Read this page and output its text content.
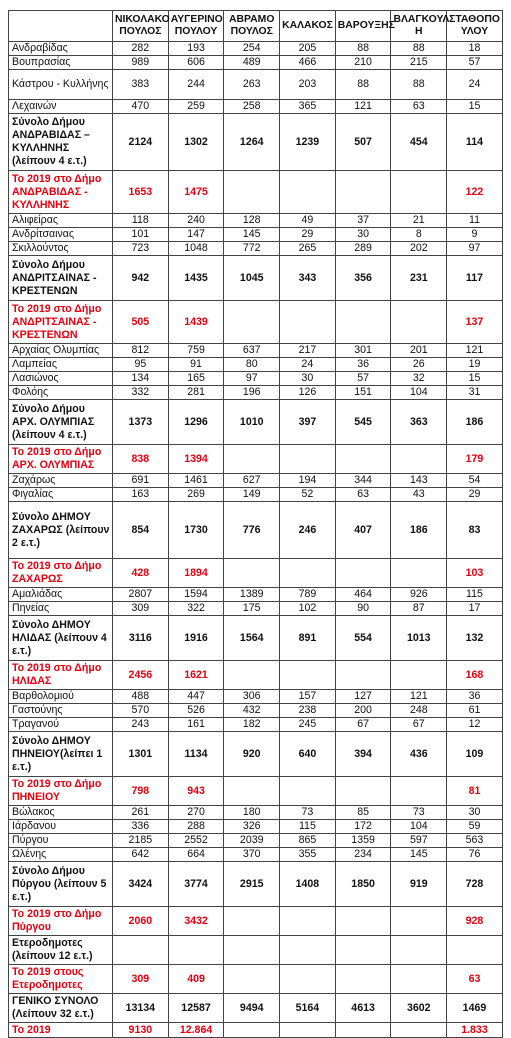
	ΝΙΚΟΛΑΚΟ ΠΟΥΛΟΣ	ΑΥΓΕΡΙΝΟ ΠΟΥΛΟΥ	ΑΒΡΑΜΟ ΠΟΥΛΟΣ	ΚΑΛΑΚΟΣ	ΒΑΡΟΥΞΗΣ	ΒΛΑΓΚΟΥΛ Η	ΣΤΑΘΟΠΟ ΥΛΟΥ
Ανδραβίδας	282	193	254	205	88	88	18
Βουπρασίας	989	606	489	466	210	215	57
Κάστρου - Κυλλήνης	383	244	263	203	88	88	24
Λεχαινών	470	259	258	365	121	63	15
Σύνολο Δήμου ΑΝΔΡΑΒΙΔΑΣ – ΚΥΛΛΗΝΗΣ (λείπουν 4 ε.τ.)	2124	1302	1264	1239	507	454	114
Το 2019 στο Δήμο ΑΝΔΡΑΒΙΔΑΣ - ΚΥΛΛΗΝΗΣ	1653	1475					122
Αλιφείρας	118	240	128	49	37	21	11
Ανδρίτσαινας	101	147	145	29	30	8	9
Σκιλλούντος	723	1048	772	265	289	202	97
Σύνολο Δήμου ΑΝΔΡΙΤΣΑΙΝΑΣ - ΚΡΕΣΤΕΝΩΝ	942	1435	1045	343	356	231	117
Το 2019 στο Δήμο ΑΝΔΡΙΤΣΑΙΝΑΣ - ΚΡΕΣΤΕΝΩΝ	505	1439					137
Αρχαίας Ολυμπίας	812	759	637	217	301	201	121
Λαμπείας	95	91	80	24	36	26	19
Λασιώνος	134	165	97	30	57	32	15
Φολόης	332	281	196	126	151	104	31
Σύνολο Δήμου ΑΡΧ. ΟΛΥΜΠΙΑΣ (λείπουν 4 ε.τ.)	1373	1296	1010	397	545	363	186
Το 2019 στο Δήμο ΑΡΧ. ΟΛΥΜΠΙΑΣ	838	1394					179
Ζαχάρως	691	1461	627	194	344	143	54
Φιγαλίας	163	269	149	52	63	43	29
Σύνολο ΔΗΜΟΥ ΖΑΧΑΡΩΣ (λείπουν 2 ε.τ.)	854	1730	776	246	407	186	83
Το 2019 στο Δήμο ΖΑΧΑΡΩΣ	428	1894					103
Αμαλιάδας	2807	1594	1389	789	464	926	115
Πηνείας	309	322	175	102	90	87	17
Σύνολο ΔΗΜΟΥ ΗΛΙΔΑΣ (λείπουν 4 ε.τ.)	3116	1916	1564	891	554	1013	132
Το 2019 στο Δήμο ΗΛΙΔΑΣ	2456	1621					168
Βαρθολομιού	488	447	306	157	127	121	36
Γαστούνης	570	526	432	238	200	248	61
Τραγανού	243	161	182	245	67	67	12
Σύνολο ΔΗΜΟΥ ΠΗΝΕΙΟΥ(λείπει 1 ε.τ.)	1301	1134	920	640	394	436	109
Το 2019 στο Δήμο ΠΗΝΕΙΟΥ	798	943					81
Βώλακος	261	270	180	73	85	73	30
Ιάρδανου	336	288	326	115	172	104	59
Πύργου	2185	2552	2039	865	1359	597	563
Ωλένης	642	664	370	355	234	145	76
Σύνολο Δήμου Πύργου (λείπουν 5 ε.τ.)	3424	3774	2915	1408	1850	919	728
Το 2019 στο Δήμο Πύργου	2060	3432					928
Ετεροδημοτες (λείπουν 12 ε.τ.)							
Το 2019 στους Ετεροδημοτες	309	409					63
ΓΕΝΙΚΟ ΣΥΝΟΛΟ (Λείπουν 32 ε.τ.)	13134	12587	9494	5164	4613	3602	1469
Το 2019	9130	12.864					1.833
